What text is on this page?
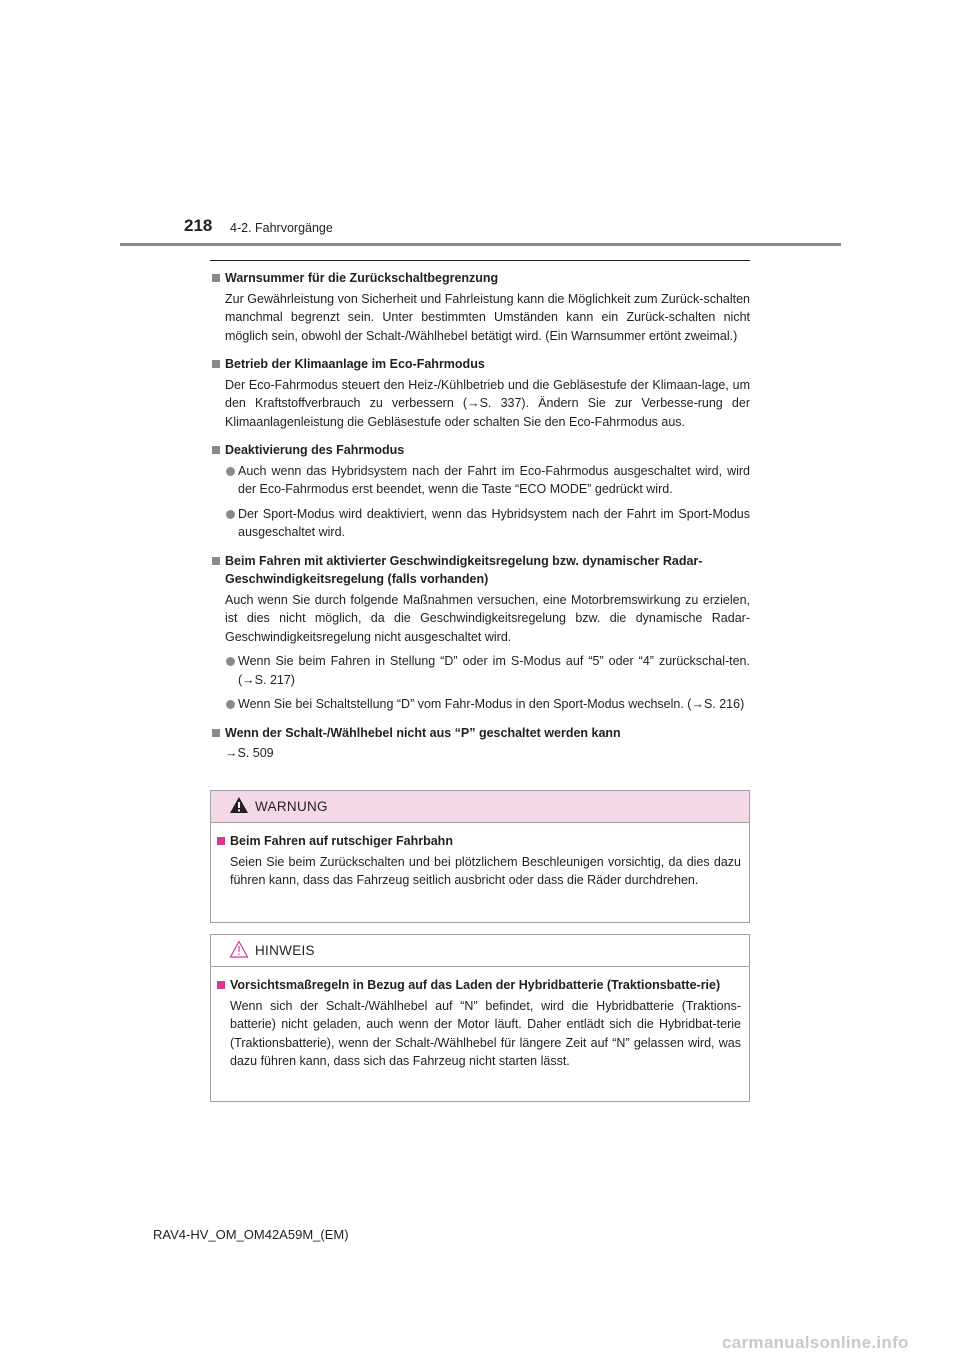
218 4-2. Fahrvorgänge
Warnsummer für die Zurückschaltbegrenzung
Zur Gewährleistung von Sicherheit und Fahrleistung kann die Möglichkeit zum Zurück-schalten manchmal begrenzt sein. Unter bestimmten Umständen kann ein Zurück-schalten nicht möglich sein, obwohl der Schalt-/Wählhebel betätigt wird. (Ein Warnsummer ertönt zweimal.)
Betrieb der Klimaanlage im Eco-Fahrmodus
Der Eco-Fahrmodus steuert den Heiz-/Kühlbetrieb und die Gebläsestufe der Klimaan-lage, um den Kraftstoffverbrauch zu verbessern (→S. 337). Ändern Sie zur Verbesse-rung der Klimaanlagenleistung die Gebläsestufe oder schalten Sie den Eco-Fahrmodus aus.
Deaktivierung des Fahrmodus
Auch wenn das Hybridsystem nach der Fahrt im Eco-Fahrmodus ausgeschaltet wird, wird der Eco-Fahrmodus erst beendet, wenn die Taste “ECO MODE” gedrückt wird.
Der Sport-Modus wird deaktiviert, wenn das Hybridsystem nach der Fahrt im Sport-Modus ausgeschaltet wird.
Beim Fahren mit aktivierter Geschwindigkeitsregelung bzw. dynamischer Radar-Geschwindigkeitsregelung (falls vorhanden)
Auch wenn Sie durch folgende Maßnahmen versuchen, eine Motorbremswirkung zu erzielen, ist dies nicht möglich, da die Geschwindigkeitsregelung bzw. die dynamische Radar-Geschwindigkeitsregelung nicht ausgeschaltet wird.
Wenn Sie beim Fahren in Stellung “D” oder im S-Modus auf “5” oder “4” zurückschal-ten. (→S. 217)
Wenn Sie bei Schaltstellung “D” vom Fahr-Modus in den Sport-Modus wechseln. (→S. 216)
Wenn der Schalt-/Wählhebel nicht aus “P” geschaltet werden kann
→S. 509
WARNUNG
Beim Fahren auf rutschiger Fahrbahn
Seien Sie beim Zurückschalten und bei plötzlichem Beschleunigen vorsichtig, da dies dazu führen kann, dass das Fahrzeug seitlich ausbricht oder dass die Räder durchdrehen.
HINWEIS
Vorsichtsmaßregeln in Bezug auf das Laden der Hybridbatterie (Traktionsbatte-rie)
Wenn sich der Schalt-/Wählhebel auf “N” befindet, wird die Hybridbatterie (Traktions-batterie) nicht geladen, auch wenn der Motor läuft. Daher entlädt sich die Hybridbat-terie (Traktionsbatterie), wenn der Schalt-/Wählhebel für längere Zeit auf “N” gelassen wird, was dazu führen kann, dass sich das Fahrzeug nicht starten lässt.
RAV4-HV_OM_OM42A59M_(EM)
carmanualsonline.info
